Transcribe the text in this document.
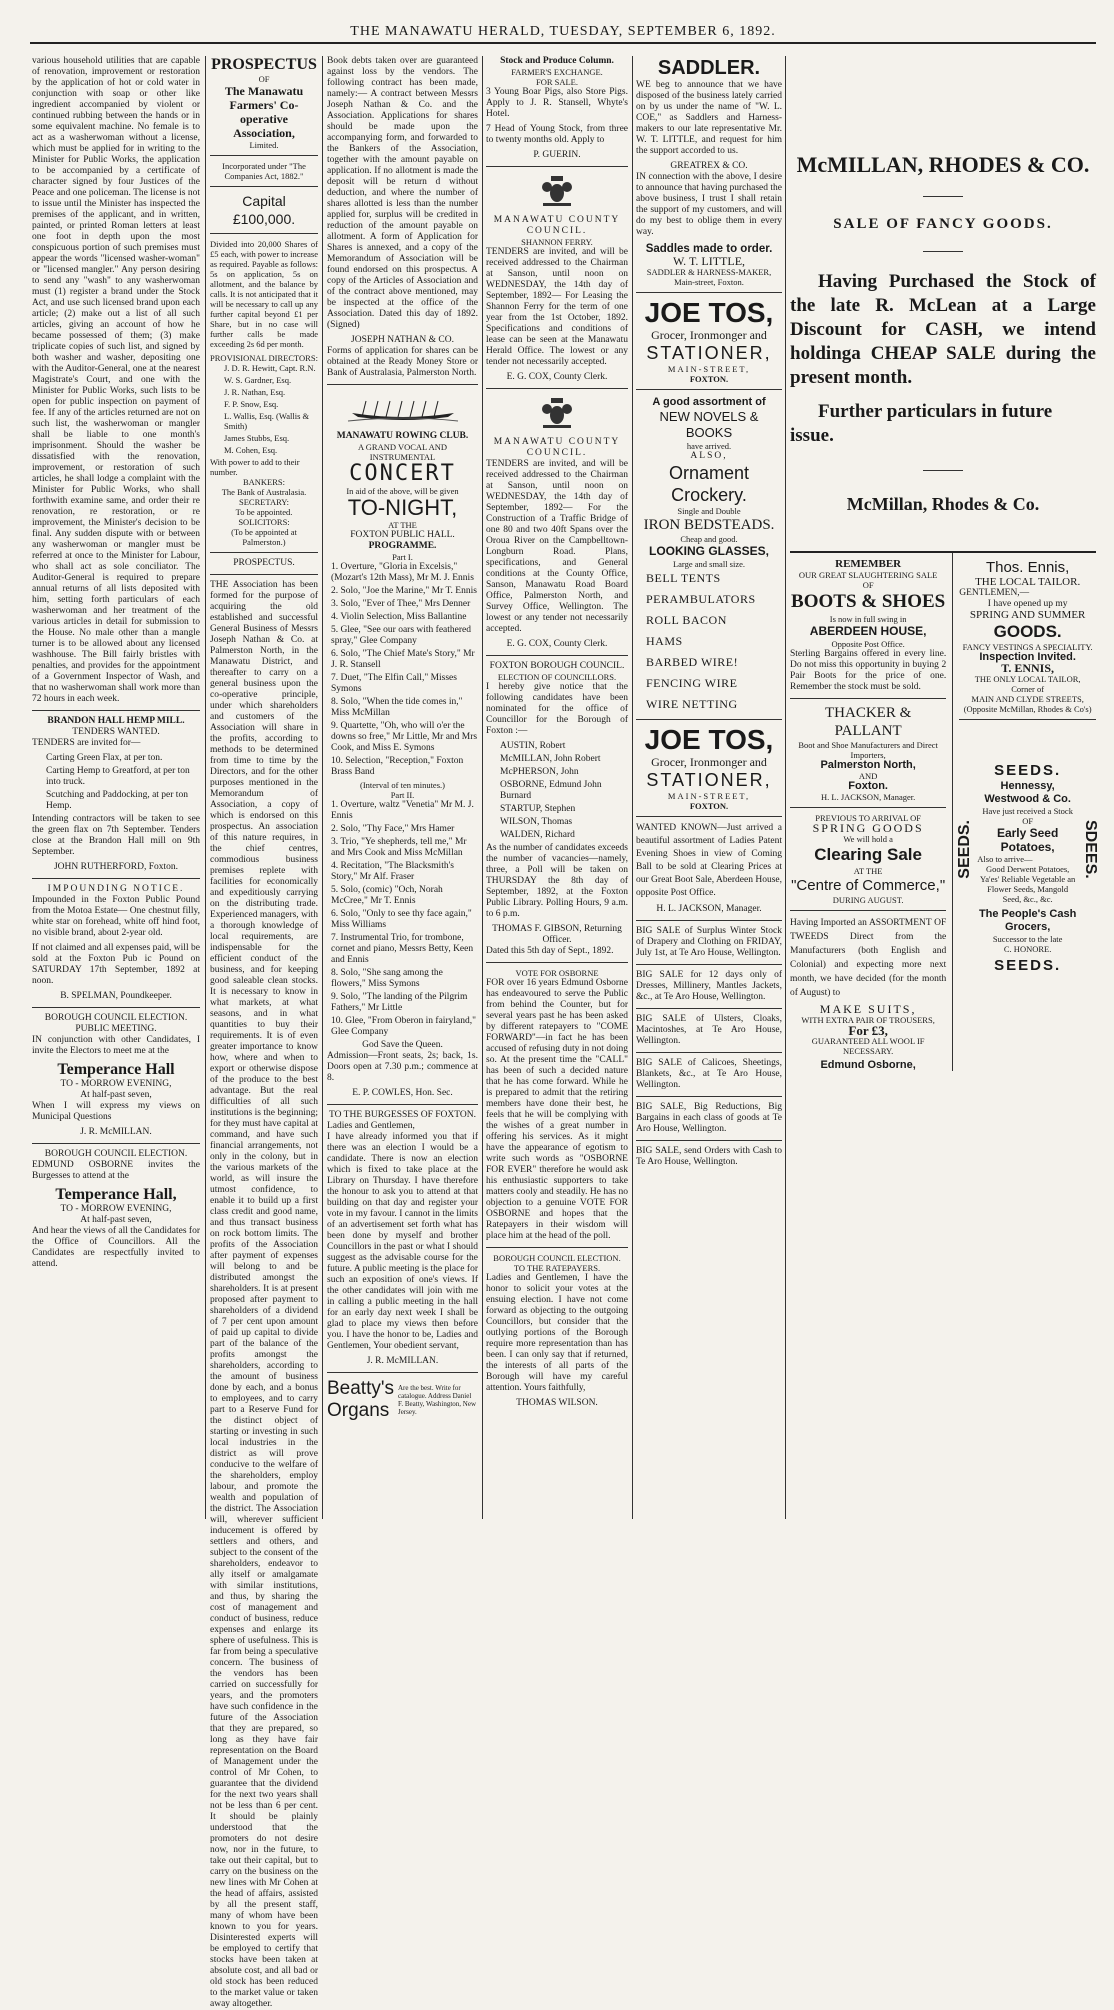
THE MANAWATU HERALD, TUESDAY, SEPTEMBER 6, 1892.

various household utilities that are capable of renovation, improvement or restoration by the application of hot or cold water in conjunction with soap or other like ingredient accompanied by violent or continued rubbing between the hands or in some equivalent machine. No female is to act as a washerwoman without a license, which must be applied for in writing to the Minister for Public Works, the application to be accompanied by a certificate of character signed by four Justices of the Peace and one policeman. The license is not to issue until the Minister has inspected the premises of the applicant, and in written, painted, or printed Roman letters at least one foot in depth upon the most conspicuous portion of such premises must appear the words "licensed washer-woman" or "licensed mangler." Any person desiring to send any "wash" to any washerwoman must (1) register a brand under the Stock Act, and use such licensed brand upon each article; (2) make out a list of all such articles, giving an account of how he became possessed of them; (3) make triplicate copies of such list, and signed by both washer and washer, depositing one with the Auditor-General, one at the nearest Magistrate's Court, and one with the Minister for Public Works, such lists to be open for public inspection on payment of fee. If any of the articles returned are not on such list, the washerwoman or mangler shall be liable to one month's imprisonment. Should the washer be dissatisfied with the renovation, improvement, or restoration of such articles, he shall lodge a complaint with the Minister for Public Works, who shall forthwith examine same, and order their re renovation, re restoration, or re improvement, the Minister's decision to be final. Any sudden dispute with or between any washerwoman or mangler must be referred at once to the Minister for Labour, who shall act as sole conciliator. The Auditor-General is required to prepare annual returns of all lists deposited with him, setting forth particulars of each washerwoman and her treatment of the various articles in detail for submission to the House. No male other than a mangle turner is to be allowed about any licensed washhouse. The Bill fairly bristles with penalties, and provides for the appointment of a Government Inspector of Wash, and that no washerwoman shall work more than 72 hours in each week.

BRANDON HALL HEMP MILL.
TENDERS WANTED.

TENDERS are invited for—

Carting Green Flax, at per ton.
Carting Hemp to Greatford, at per ton into truck.
Scutching and Paddocking, at per ton Hemp.

Intending contractors will be taken to see the green flax on 7th September. Tenders close at the Brandon Hall mill on 9th September.

JOHN RUTHERFORD, Foxton.
IMPOUNDING NOTICE.

Impounded in the Foxton Public Pound from the Motoa Estate— One chestnut filly, white star on forehead, white off hind foot, no visible brand, about 2-year old.

If not claimed and all expenses paid, will be sold at the Foxton Pub ic Pound on SATURDAY 17th September, 1892 at noon.

B. SPELMAN, Poundkeeper.
BOROUGH COUNCIL ELECTION.
PUBLIC MEETING.

IN conjunction with other Candidates, I invite the Electors to meet me at the

Temperance Hall
TO - MORROW EVENING,
At half-past seven,

When I will express my views on Municipal Questions

J. R. McMILLAN.
BOROUGH COUNCIL ELECTION.

EDMUND OSBORNE invites the Burgesses to attend at the

Temperance Hall,
TO - MORROW EVENING,
At half-past seven,

And hear the views of all the Candidates for the Office of Councillors. All the Candidates are respectfully invited to attend.

PROSPECTUS
OF
The Manawatu Farmers' Co-operative Association,
Limited.
Incorporated under "The Companies Act, 1882."
Capital £100,000.

Divided into 20,000 Shares of £5 each, with power to increase as required. Payable as follows: 5s on application, 5s on allotment, and the balance by calls. It is not anticipated that it will be necessary to call up any further capital beyond £1 per Share, but in no case will further calls be made exceeding 2s 6d per month.

PROVISIONAL DIRECTORS:
J. D. R. Hewitt, Capt. R.N.
W. S. Gardner, Esq.
J. R. Nathan, Esq.
F. P. Snow, Esq.
L. Wallis, Esq. (Wallis & Smith)
James Stubbs, Esq.
M. Cohen, Esq.
With power to add to their number.
BANKERS:
The Bank of Australasia.
SECRETARY:
To be appointed.
SOLICITORS:
(To be appointed at Palmerston.)
PROSPECTUS.

THE Association has been formed for the purpose of acquiring the old established and successful General Business of Messrs Joseph Nathan & Co. at Palmerston North, in the Manawatu District, and thereafter to carry on a general business upon the co-operative principle, under which shareholders and customers of the Association will share in the profits, according to methods to be determined from time to time by the Directors, and for the other purposes mentioned in the Memorandum of Association, a copy of which is endorsed on this prospectus. An association of this nature requires, in the chief centres, commodious business premises replete with facilities for economically and expeditiously carrying on the distributing trade. Experienced managers, with a thorough knowledge of local requirements, are indispensable for the efficient conduct of the business, and for keeping good saleable clean stocks. It is necessary to know in what markets, at what seasons, and in what quantities to buy their requirements. It is of even greater importance to know how, where and when to export or otherwise dispose of the produce to the best advantage. But the real difficulties of all such institutions is the beginning; for they must have capital at command, and have such financial arrangements, not only in the colony, but in the various markets of the world, as will insure the utmost confidence, to enable it to build up a first class credit and good name, and thus transact business on rock bottom limits. The profits of the Association after payment of expenses will belong to and be distributed amongst the shareholders. It is at present proposed after payment to shareholders of a dividend of 7 per cent upon amount of paid up capital to divide part of the balance of the profits amongst the shareholders, according to the amount of business done by each, and a bonus to employees, and to carry part to a Reserve Fund for the distinct object of starting or investing in such local industries in the district as will prove conducive to the welfare of the shareholders, employ labour, and promote the wealth and population of the district. The Association will, wherever sufficient inducement is offered by settlers and others, and subject to the consent of the shareholders, endeavor to ally itself or amalgamate with similar institutions, and thus, by sharing the cost of management and conduct of business, reduce expenses and enlarge its sphere of usefulness. This is far from being a speculative concern. The business of the vendors has been carried on successfully for years, and the promoters have such confidence in the future of the Association that they are prepared, so long as they have fair representation on the Board of Management under the control of Mr Cohen, to guarantee that the dividend for the next two years shall not be less than 6 per cent. It should be plainly understood that the promoters do not desire now, nor in the future, to take out their capital, but to carry on the business on the new lines with Mr Cohen at the head of affairs, assisted by all the present staff, many of whom have been known to you for years. Disinterested experts will be employed to certify that stocks have been taken at absolute cost, and all bad or old stock has been reduced to the market value or taken away altogether.

Book debts taken over are guaranteed against loss by the vendors. The following contract has been made, namely:— A contract between Messrs Joseph Nathan & Co. and the Association. Applications for shares should be made upon the accompanying form, and forwarded to the Bankers of the Association, together with the amount payable on application. If no allotment is made the deposit will be return d without deduction, and where the number of shares allotted is less than the number applied for, surplus will be credited in reduction of the amount payable on allotment. A form of Application for Shares is annexed, and a copy of the Memorandum of Association will be found endorsed on this prospectus. A copy of the Articles of Association and of the contract above mentioned, may be inspected at the office of the Association. Dated this day of 1892. (Signed)

JOSEPH NATHAN & CO.

Forms of application for shares can be obtained at the Ready Money Store or Bank of Australasia, Palmerston North.

MANAWATU ROWING CLUB.
A GRAND VOCAL AND INSTRUMENTAL
CONCERT
In aid of the above, will be given
TO-NIGHT,
AT THE
FOXTON PUBLIC HALL.
PROGRAMME.
Part I.
1. Overture, "Gloria in Excelsis," (Mozart's 12th Mass), Mr M. J. Ennis
2. Solo, "Joe the Marine," Mr T. Ennis
3. Solo, "Ever of Thee," Mrs Denner
4. Violin Selection, Miss Ballantine
5. Glee, "See our oars with feathered spray," Glee Company
6. Solo, "The Chief Mate's Story," Mr J. R. Stansell
7. Duet, "The Elfin Call," Misses Symons
8. Solo, "When the tide comes in," Miss McMillan
9. Quartette, "Oh, who will o'er the downs so free," Mr Little, Mr and Mrs Cook, and Miss E. Symons
10. Selection, "Reception," Foxton Brass Band
(Interval of ten minutes.)
Part II.
1. Overture, waltz "Venetia" Mr M. J. Ennis
2. Solo, "Thy Face," Mrs Hamer
3. Trio, "Ye shepherds, tell me," Mr and Mrs Cook and Miss McMillan
4. Recitation, "The Blacksmith's Story," Mr Alf. Fraser
5. Solo, (comic) "Och, Norah McCree," Mr T. Ennis
6. Solo, "Only to see thy face again," Miss Williams
7. Instrumental Trio, for trombone, cornet and piano, Messrs Betty, Keen and Ennis
8. Solo, "She sang among the flowers," Miss Symons
9. Solo, "The landing of the Pilgrim Fathers," Mr Little
10. Glee, "From Oberon in fairyland," Glee Company
God Save the Queen.

Admission—Front seats, 2s; back, 1s. Doors open at 7.30 p.m.; commence at 8.

E. P. COWLES, Hon. Sec.
TO THE BURGESSES OF FOXTON.
Ladies and Gentlemen,

I have already informed you that if there was an election I would be a candidate. There is now an election which is fixed to take place at the Library on Thursday. I have therefore the honour to ask you to attend at that building on that day and register your vote in my favour. I cannot in the limits of an advertisement set forth what has been done by myself and brother Councillors in the past or what I should suggest as the advisable course for the future. A public meeting is the place for such an exposition of one's views. If the other candidates will join with me in calling a public meeting in the hall for an early day next week I shall be glad to place my views then before you. I have the honor to be, Ladies and Gentlemen, Your obedient servant,

J. R. McMILLAN.
Beatty's Organs
Are the best. Write for catalogue. Address Daniel F. Beatty, Washington, New Jersey.
Stock and Produce Column.
FARMER'S EXCHANGE.
FOR SALE.

3 Young Boar Pigs, also Store Pigs. Apply to J. R. Stansell, Whyte's Hotel.

7 Head of Young Stock, from three to twenty months old. Apply to

P. GUERIN.
MANAWATU COUNTY COUNCIL.
SHANNON FERRY.

TENDERS are invited, and will be received addressed to the Chairman at Sanson, until noon on WEDNESDAY, the 14th day of September, 1892— For Leasing the Shannon Ferry for the term of one year from the 1st October, 1892. Specifications and conditions of lease can be seen at the Manawatu Herald Office. The lowest or any tender not necessarily accepted.

E. G. COX, County Clerk.
MANAWATU COUNTY COUNCIL.

TENDERS are invited, and will be received addressed to the Chairman at Sanson, until noon on WEDNESDAY, the 14th day of September, 1892— For the Construction of a Traffic Bridge of one 80 and two 40ft Spans over the Oroua River on the Campbelltown-Longburn Road. Plans, specifications, and General conditions at the County Office, Sanson, Manawatu Road Board Office, Palmerston North, and Survey Office, Wellington. The lowest or any tender not necessarily accepted.

E. G. COX, County Clerk.
FOXTON BOROUGH COUNCIL.
ELECTION OF COUNCILLORS.

I hereby give notice that the following candidates have been nominated for the office of Councillor for the Borough of Foxton :—

AUSTIN, Robert
McMILLAN, John Robert
McPHERSON, John
OSBORNE, Edmund John Burnard
STARTUP, Stephen
WILSON, Thomas
WALDEN, Richard

As the number of candidates exceeds the number of vacancies—namely, three, a Poll will be taken on THURSDAY the 8th day of September, 1892, at the Foxton Public Library. Polling Hours, 9 a.m. to 6 p.m.

THOMAS F. GIBSON, Returning Officer.
Dated this 5th day of Sept., 1892.
VOTE FOR OSBORNE

FOR over 16 years Edmund Osborne has endeavoured to serve the Public from behind the Counter, but for several years past he has been asked by different ratepayers to "COME FORWARD"—in fact he has been accused of refusing duty in not doing so. At the present time the "CALL" has been of such a decided nature that he has come forward. While he is prepared to admit that the retiring members have done their best, he feels that he will be complying with the wishes of a great number in offering his services. As it might have the appearance of egotism to write such words as "OSBORNE FOR EVER" therefore he would ask his enthusiastic supporters to take matters cooly and steadily. He has no objection to a genuine VOTE FOR OSBORNE and hopes that the Ratepayers in their wisdom will place him at the head of the poll.

BOROUGH COUNCIL ELECTION.
TO THE RATEPAYERS.

Ladies and Gentlemen, I have the honor to solicit your votes at the ensuing election. I have not come forward as objecting to the outgoing Councillors, but consider that the outlying portions of the Borough require more representation than has been. I can only say that if returned, the interests of all parts of the Borough will have my careful attention. Yours faithfully,

THOMAS WILSON.
SADDLER.

WE beg to announce that we have disposed of the business lately carried on by us under the name of "W. L. COE," as Saddlers and Harness-makers to our late representative Mr. W. T. LITTLE, and request for him the support accorded to us.

GREATREX & CO.

IN connection with the above, I desire to announce that having purchased the above business, I trust I shall retain the support of my customers, and will do my best to oblige them in every way.

Saddles made to order.
W. T. LITTLE,
SADDLER & HARNESS-MAKER, Main-street, Foxton.
JOE TOS,
Grocer, Ironmonger and
STATIONER,
MAIN-STREET,
FOXTON.
A good assortment of
NEW NOVELS & BOOKS
have arrived.
ALSO,
Ornament Crockery.
Single and Double
IRON BEDSTEADS.
Cheap and good.
LOOKING GLASSES,
Large and small size.
BELL TENTS
PERAMBULATORS
ROLL BACON
HAMS
BARBED WIRE!
FENCING WIRE
WIRE NETTING
JOE TOS,
Grocer, Ironmonger and
STATIONER,
MAIN-STREET,
FOXTON.

WANTED KNOWN—Just arrived a beautiful assortment of Ladies Patent Evening Shoes in view of Coming Ball to be sold at Clearing Prices at our Great Boot Sale, Aberdeen House, opposite Post Office.

H. L. JACKSON, Manager.

BIG SALE of Surplus Winter Stock of Drapery and Clothing on FRIDAY, July 1st, at Te Aro House, Wellington.

BIG SALE for 12 days only of Dresses, Millinery, Mantles Jackets, &c., at Te Aro House, Wellington.

BIG SALE of Ulsters, Cloaks, Macintoshes, at Te Aro House, Wellington.

BIG SALE of Calicoes, Sheetings, Blankets, &c., at Te Aro House, Wellington.

BIG SALE, Big Reductions, Big Bargains in each class of goods at Te Aro House, Wellington.

BIG SALE, send Orders with Cash to Te Aro House, Wellington.

McMILLAN, RHODES & CO.
SALE OF FANCY GOODS.
Having Purchased the Stock of the late R. McLean at a Large Discount for CASH, we intend holdinga CHEAP SALE during the present month.
Further particulars in future issue.
McMillan, Rhodes & Co.
REMEMBER
OUR GREAT SLAUGHTERING SALE
OF
BOOTS & SHOES
Is now in full swing in
ABERDEEN HOUSE,
Opposite Post Office.

Sterling Bargains offered in every line. Do not miss this opportunity in buying 2 Pair Boots for the price of one. Remember the stock must be sold.

THACKER & PALLANT
Boot and Shoe Manufacturers and Direct Importers,
Palmerston North,
AND
Foxton.
H. L. JACKSON, Manager.
PREVIOUS TO ARRIVAL OF
SPRING GOODS
We will hold a
Clearing Sale
AT THE
"Centre of Commerce,"
DURING AUGUST.

Having Imported an ASSORTMENT OF TWEEDS Direct from the Manufacturers (both English and Colonial) and expecting more next month, we have decided (for the month of August) to

MAKE SUITS,
WITH EXTRA PAIR OF TROUSERS,
For £3,
GUARANTEED ALL WOOL IF NECESSARY.
Edmund Osborne,
Thos. Ennis,
THE LOCAL TAILOR.
GENTLEMEN,—
I have opened up my
SPRING AND SUMMER
GOODS.
FANCY VESTINGS A SPECIALITY.
Inspection Invited.
T. ENNIS,
THE ONLY LOCAL TAILOR,
Corner of
MAIN AND CLYDE STREETS, (Opposite McMillan, Rhodes & Co's)
SEEDS.
SEEDS.	SDEES.
Hennessy, Westwood & Co.
Have just received a Stock
OF
Early Seed Potatoes,
Also to arrive—
Good Derwent Potatoes, Ya'es' Reliable Vegetable an Flower Seeds, Mangold Seed, &c., &c.
The People's Cash Grocers,
Successor to the late
C. HONORE.
SEEDS.
